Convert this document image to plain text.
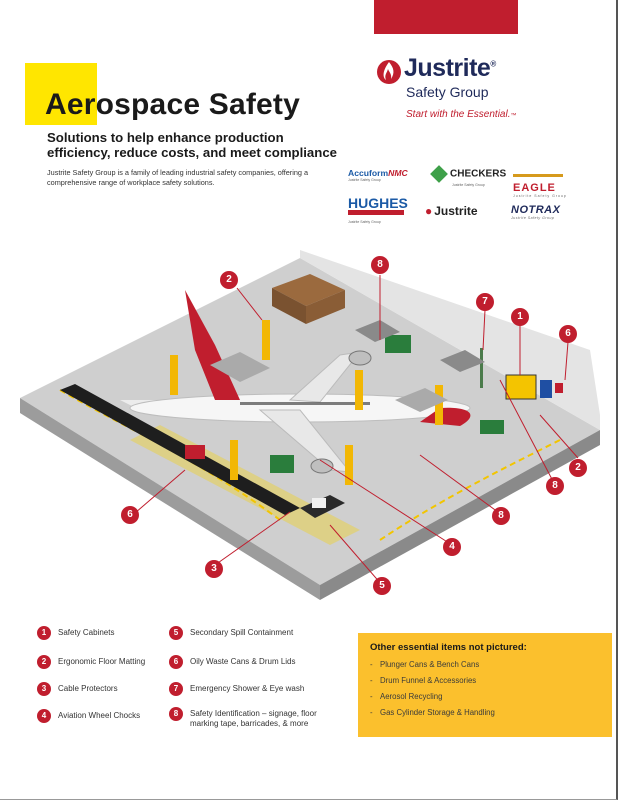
Aerospace Safety

Solutions to help enhance production efficiency, reduce costs, and meet compliance

Justrite Safety Group is a family of leading industrial safety companies, offering a comprehensive range of workplace safety solutions.

Justrite®
Safety Group
Start with the Essential.™
AccuformNMC
Justrite Safety Group
CHECKERS
Justrite Safety Group	EAGLE
Justrite Safety Group
HUGHES
Justrite Safety Group
● Justrite	NOTRAX
Justrite Safety Group
8
2
7
1
6
2
8
8
4
6
3
5
1	Safety Cabinets
2	Ergonomic Floor Matting
3	Cable Protectors
4	Aviation Wheel Chocks
5	Secondary Spill Containment
6	Oily Waste Cans & Drum Lids
7	Emergency Shower & Eye wash
8	Safety Identification – signage, floor marking tape, barricades, & more
Other essential items not pictured:
- Plunger Cans & Bench Cans
- Drum Funnel & Accessories
- Aerosol Recycling
- Gas Cylinder Storage & Handling
